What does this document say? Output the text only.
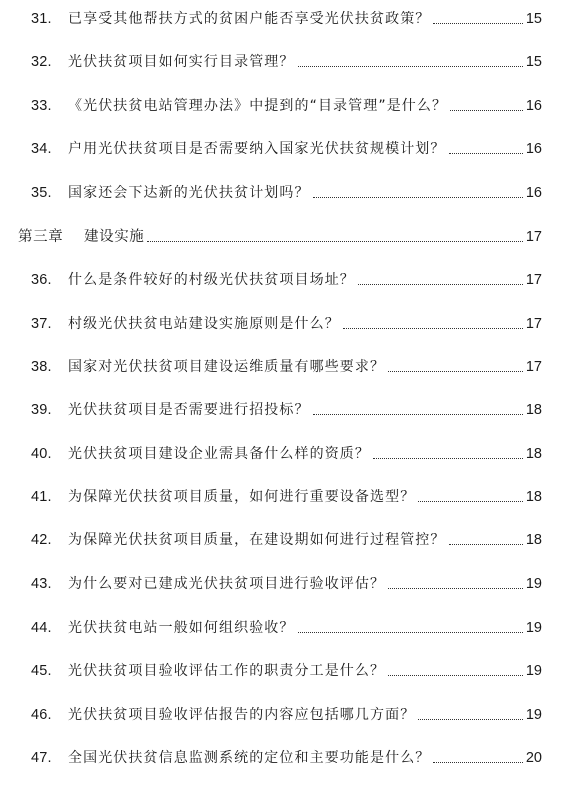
31. 已享受其他帮扶方式的贫困户能否享受光伏扶贫政策？	15
32. 光伏扶贫项目如何实行目录管理？	15
33. 《光伏扶贫电站管理办法》中提到的“目录管理”是什么？	16
34. 户用光伏扶贫项目是否需要纳入国家光伏扶贫规模计划？	16
35. 国家还会下达新的光伏扶贫计划吗？	16
第三章 建设实施	17
36. 什么是条件较好的村级光伏扶贫项目场址？	17
37. 村级光伏扶贫电站建设实施原则是什么？	17
38. 国家对光伏扶贫项目建设运维质量有哪些要求？	17
39. 光伏扶贫项目是否需要进行招投标？	18
40. 光伏扶贫项目建设企业需具备什么样的资质？	18
41. 为保障光伏扶贫项目质量，如何进行重要设备选型？	18
42. 为保障光伏扶贫项目质量，在建设期如何进行过程管控？	18
43. 为什么要对已建成光伏扶贫项目进行验收评估？	19
44. 光伏扶贫电站一般如何组织验收？	19
45. 光伏扶贫项目验收评估工作的职责分工是什么？	19
46. 光伏扶贫项目验收评估报告的内容应包括哪几方面？	19
47. 全国光伏扶贫信息监测系统的定位和主要功能是什么？	20
